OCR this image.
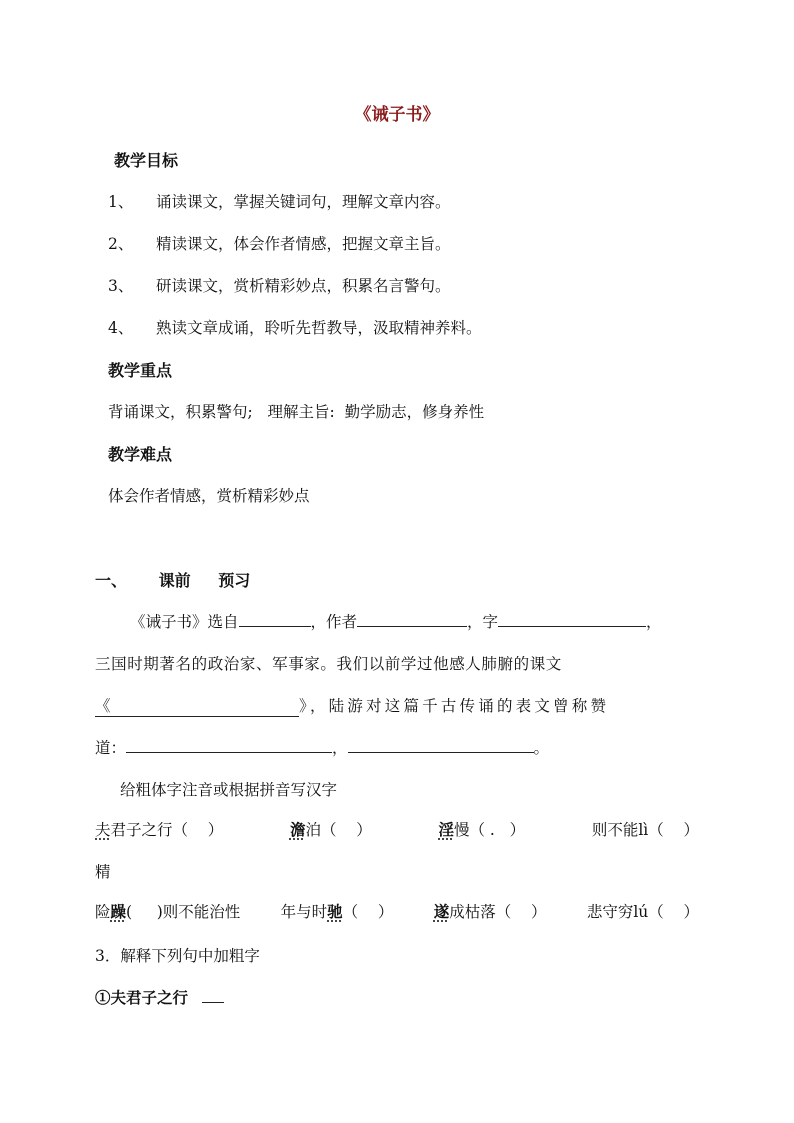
《诫子书》
教学目标
1、 诵读课文，掌握关键词句，理解文章内容。
2、 精读课文，体会作者情感，把握文章主旨。
3、 研读课文，赏析精彩妙点，积累名言警句。
4、 熟读文章成诵，聆听先哲教导，汲取精神养料。
教学重点
背诵课文，积累警句;   理解主旨:  勤学励志，修身养性
教学难点
体会作者情感，赏析精彩妙点
一、 课前 预习
《诫子书》选自	，作者	，字	，
三国时期著名的政治家、军事家。我们以前学过他感人肺腑的课文
《	》，陆游对这篇千古传诵的表文曾称赞
道：	，	。
给粗体字注音或根据拼音写汉字
夫君子之行（    ）	澹泊（    ）	淫慢（ .   ）	则不能lì（    ）
精
险躁(     )则不能治性	年与时驰（    ）	遂成枯落（    ）	悲守穷lú（    ）
3．解释下列句中加粗字
①夫君子之行
